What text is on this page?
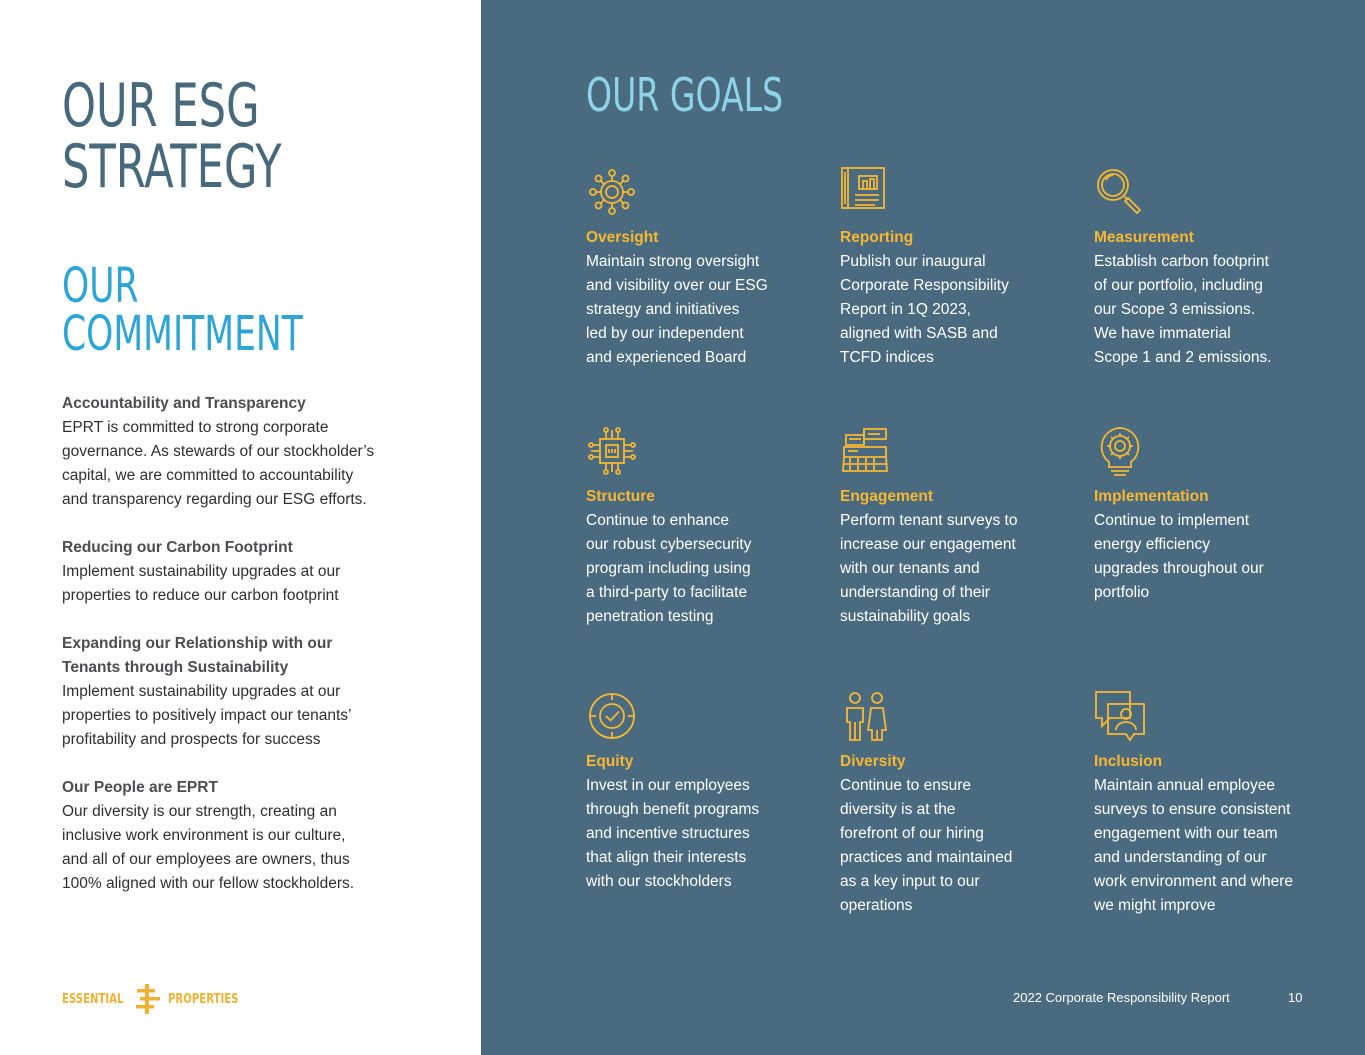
OUR ESG
STRATEGY
OUR
COMMITMENT
Accountability and Transparency
EPRT is committed to strong corporate
governance. As stewards of our stockholder’s
capital, we are committed to accountability
and transparency regarding our ESG efforts.
Reducing our Carbon Footprint
Implement sustainability upgrades at our
properties to reduce our carbon footprint
Expanding our Relationship with our
Tenants through Sustainability
Implement sustainability upgrades at our
properties to positively impact our tenants’
profitability and prospects for success
Our People are EPRT
Our diversity is our strength, creating an
inclusive work environment is our culture,
and all of our employees are owners, thus
100% aligned with our fellow stockholders.
ESSENTIAL	PROPERTIES
OUR GOALS
Oversight
Maintain strong oversight
and visibility over our ESG
strategy and initiatives
led by our independent
and experienced Board
Reporting
Publish our inaugural
Corporate Responsibility
Report in 1Q 2023,
aligned with SASB and
TCFD indices
Measurement
Establish carbon footprint
of our portfolio, including
our Scope 3 emissions.
We have immaterial
Scope 1 and 2 emissions.
Structure
Continue to enhance
our robust cybersecurity
program including using
a third-party to facilitate
penetration testing
Engagement
Perform tenant surveys to
increase our engagement
with our tenants and
understanding of their
sustainability goals
Implementation
Continue to implement
energy efficiency
upgrades throughout our
portfolio
Equity
Invest in our employees
through benefit programs
and incentive structures
that align their interests
with our stockholders
Diversity
Continue to ensure
diversity is at the
forefront of our hiring
practices and maintained
as a key input to our
operations
Inclusion
Maintain annual employee
surveys to ensure consistent
engagement with our team
and understanding of our
work environment and where
we might improve
2022 Corporate Responsibility Report	10
